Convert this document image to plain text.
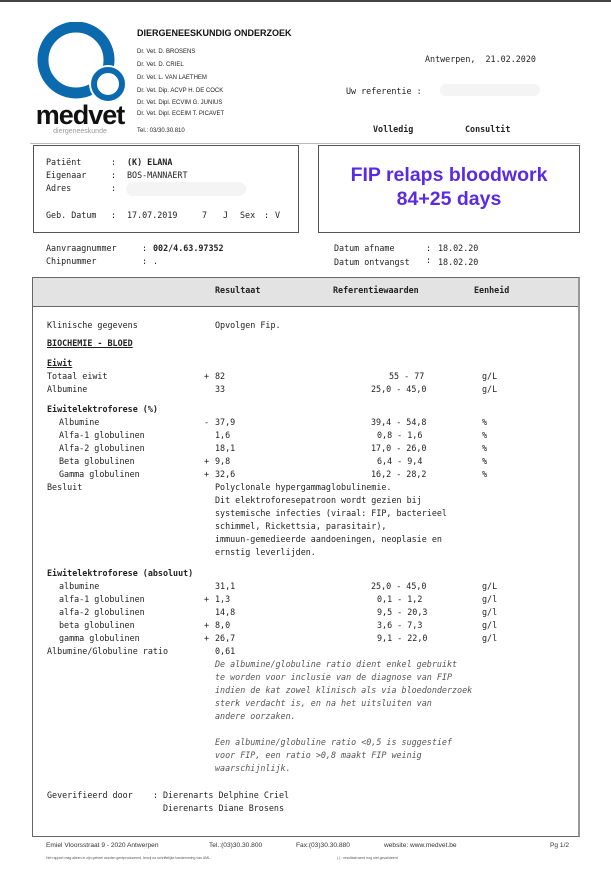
medvet
diergeneeskunde
DIERGENEESKUNDIG ONDERZOEK
Dr. Vet. D. BROSENS
Dr. Vet. D. CRIEL
Dr. Vet. L. VAN LAETHEM
Dr. Vet. Dip. ACVP H. DE COCK
Dr. Vet. Dipl. ECVIM G. JUNIUS
Dr. Vet. Dipl. ECEIM T. PICAVET
Tel.: 03/30.30.810
Antwerpen,  21.02.2020
Uw referentie :
Volledig	Consultit
Patiënt	: (K) ELANA
Eigenaar	: BOS-MANNAERT
Adres	:
Geb. Datum : 17.07.2019	7 J Sex : V
FIP relaps bloodwork
84+25 days
Aanvraagnummer	: 002/4.63.97352
Chipnummer	: .
Datum afname	: 18.02.20
Datum ontvangst : 18.02.20
Resultaat	Referentiewaarden	Eenheid
Klinische gegevens	Opvolgen Fip.
BIOCHEMIE - BLOED
Eiwit
Totaal eiwit	+ 82	55 - 77	g/L
Albumine	33	25,0 - 45,0	g/L
Eiwitelektroforese (%)
Albumine	- 37,9	39,4 - 54,8	%
Alfa-1 globulinen	1,6	0,8 - 1,6	%
Alfa-2 globulinen	18,1	17,0 - 26,0	%
Beta globulinen	+ 9,8	6,4 - 9,4	%
Gamma globulinen	+ 32,6	16,2 - 28,2	%
Besluit	Polyclonale hypergammaglobulinemie.
Dit elektroforesepatroon wordt gezien bij
systemische infecties (viraal: FIP, bacterieel
schimmel, Rickettsia, parasitair),
immuun-gemedieerde aandoeningen, neoplasie en
ernstig leverlijden.
Eiwitelektroforese (absoluut)
albumine	31,1	25,0 - 45,0	g/L
alfa-1 globulinen	+ 1,3	0,1 - 1,2	g/l
alfa-2 globulinen	14,8	9,5 - 20,3	g/l
beta globulinen	+ 8,0	3,6 - 7,3	g/l
gamma globulinen	+ 26,7	9,1 - 22,0	g/l
Albumine/Globuline ratio	0,61
De albumine/globuline ratio dient enkel gebruikt
te worden voor inclusie van de diagnose van FIP
indien de kat zowel klinisch als via bloedonderzoek
sterk verdacht is, en na het uitsluiten van
andere oorzaken.
Een albumine/globuline ratio <0,5 is suggestief
voor FIP, een ratio >0,8 maakt FIP weinig
waarschijnlijk.
Geverifieerd door : Dierenarts Delphine Criel
Dierenarts Diane Brosens
Emiel Vloorsstraat 9 - 2020 Antwerpen	Tel.:(03)30.30.800	Fax:(03)30.30.880	website: www.medvet.be	Pg 1/2
Het rapport mag alleen in zijn geheel worden gereproduceerd, tenzij na schriftelijke toestemming van AML.	( ) : resultaat werd nog niet gevalideerd
